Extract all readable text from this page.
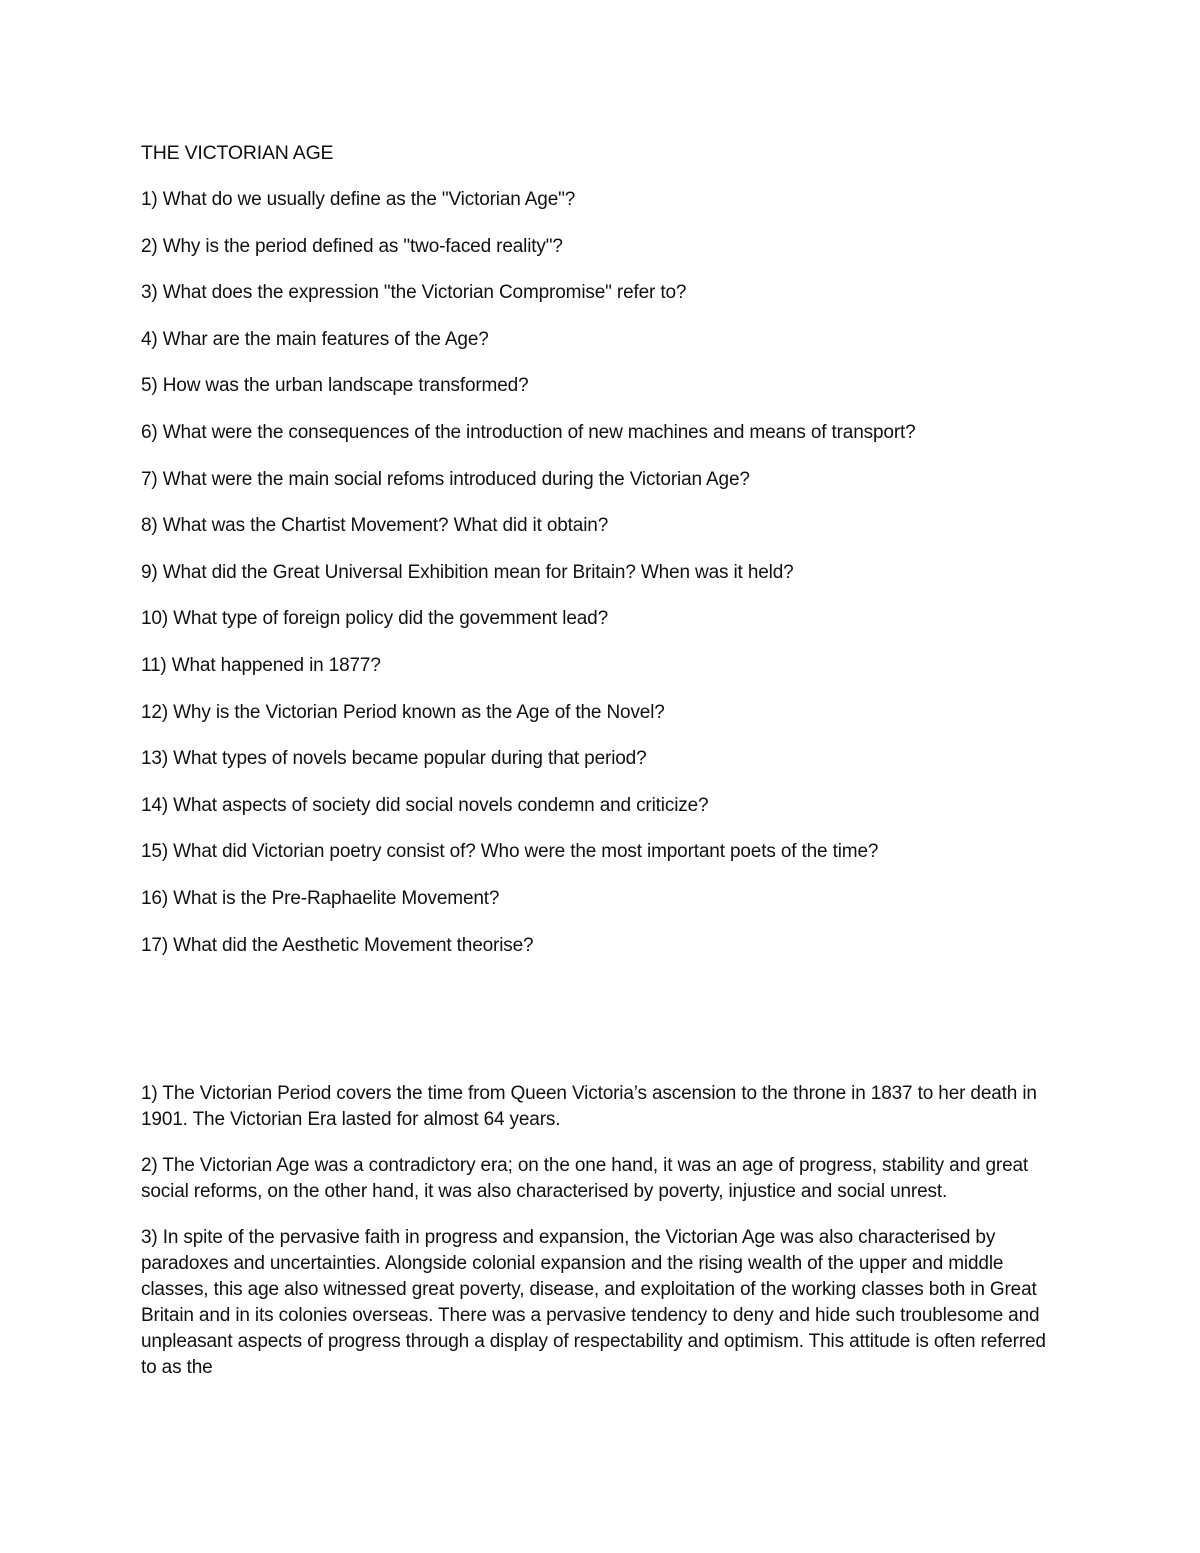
THE VICTORIAN AGE
1) What do we usually define as the "Victorian Age"?
2) Why is the period defined as "two-faced reality"?
3) What does the expression "the Victorian Compromise" refer to?
4) Whar are the main features of the Age?
5) How was the urban landscape transformed?
6) What were the consequences of the introduction of new machines and means of transport?
7) What were the main social refoms introduced during the Victorian Age?
8) What was the Chartist Movement? What did it obtain?
9) What did the Great Universal Exhibition mean for Britain? When was it held?
10) What type of foreign policy did the govemment lead?
11) What happened in 1877?
12) Why is the Victorian Period known as the Age of the Novel?
13) What types of novels became popular during that period?
14) What aspects of society did social novels condemn and criticize?
15) What did Victorian poetry consist of? Who were the most important poets of the time?
16) What is the Pre-Raphaelite Movement?
17) What did the Aesthetic Movement theorise?

1) The Victorian Period covers the time from Queen Victoria’s ascension to the throne in 1837 to her death in 1901. The Victorian Era lasted for almost 64 years.

2) The Victorian Age was a contradictory era; on the one hand, it was an age of progress, stability and great social reforms, on the other hand, it was also characterised by poverty, injustice and social unrest.

3) In spite of the pervasive faith in progress and expansion, the Victorian Age was also characterised by paradoxes and uncertainties. Alongside colonial expansion and the rising wealth of the upper and middle classes, this age also witnessed great poverty, disease, and exploitation of the working classes both in Great Britain and in its colonies overseas. There was a pervasive tendency to deny and hide such troublesome and unpleasant aspects of progress through a display of respectability and optimism. This attitude is often referred to as the
